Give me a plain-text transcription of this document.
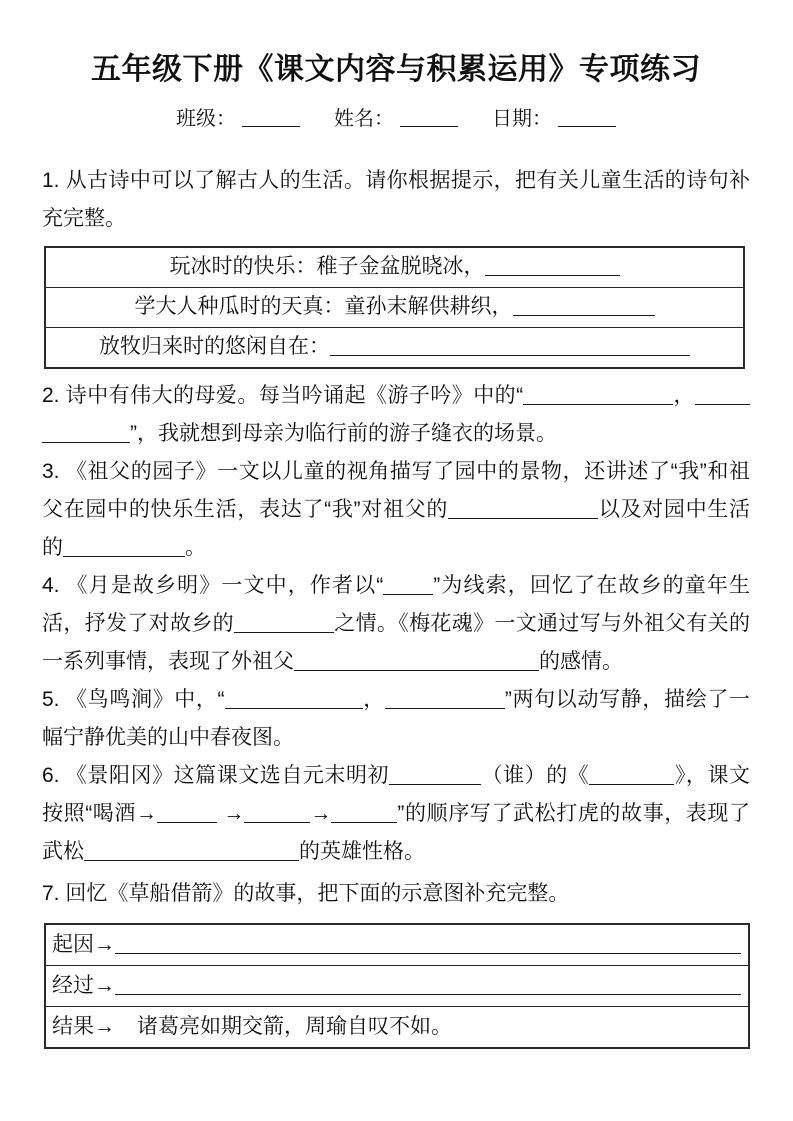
五年级下册《课文内容与积累运用》专项练习
班级：	姓名：	日期：

1. 从古诗中可以了解古人的生活。请你根据提示，把有关儿童生活的诗句补充完整。

玩冰时的快乐：稚子金盆脱晓冰，
学大人种瓜时的天真：童孙末解供耕织，
放牧归来时的悠闲自在：

2. 诗中有伟大的母爱。每当吟诵起《游子吟》中的“	，”，我就想到母亲为临行前的游子缝衣的场景。

3. 《祖父的园子》一文以儿童的视角描写了园中的景物，还讲述了“我”和祖父在园中的快乐生活，表达了“我”对祖父的	以及对园中生活的	。

4. 《月是故乡明》一文中，作者以“ ”为线索，回忆了在故乡的童年生活，抒发了对故乡的	之情。《梅花魂》一文通过写与外祖父有关的一系列事情，表现了外祖父	的感情。

5. 《鸟鸣涧》中，“	，	”两句以动写静，描绘了一幅宁静优美的山中春夜图。

6. 《景阳冈》这篇课文选自元末明初	（谁）的《	》，课文按照“喝酒→	→	→	”的顺序写了武松打虎的故事，表现了武松	的英雄性格。

7. 回忆《草船借箭》的故事，把下面的示意图补充完整。

起因→
经过→
结果→ 诸葛亮如期交箭，周瑜自叹不如。
